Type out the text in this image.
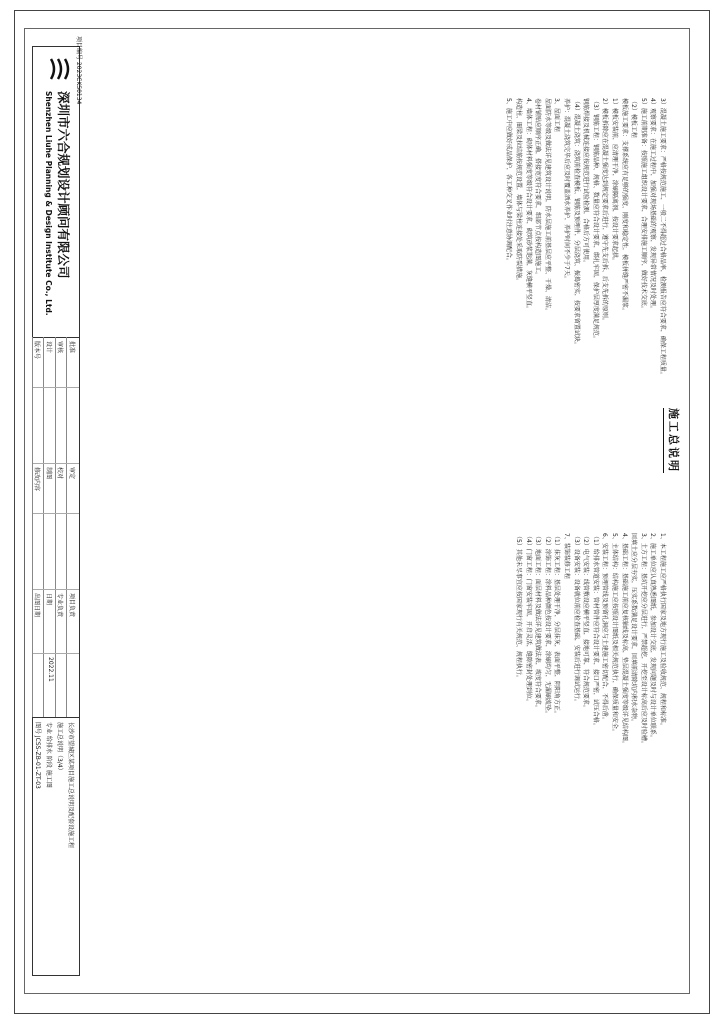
施工总说明

3）混凝土施工要求：严格按规范施工，一般二不得超过合格品率，检测报告应符合要求，确保工程质量。

4）观察要求：在施工过程中，加强对现场基础的观察，发现异常情况及时处理。

5）施工前期准备：按照施工组织设计要求，合理安排施工顺序，做好技术交底。

（2）模板工程

模板施工要求：支撑系统应有足够的强度、刚度和稳定性，模板拼缝严密不漏浆。

1）模板安装前，应清理干净，涂刷隔离剂，按设计要求起拱。

2）模板拆除应在混凝土强度达到规定要求后进行，遵守先支后拆、后支先拆的原则。

（3）钢筋工程：钢筋品种、规格、数量应符合设计要求，绑扎牢固，保护层厚度满足规范。

钢筋焊接及机械连接应按规范进行试验检测，合格后方可使用。

（4）混凝土浇筑：浇筑前检查模板、钢筋及预埋件，分层浇筑、振捣密实，按要求留置试块。

养护：混凝土浇筑完毕后应及时覆盖洒水养护，养护时间不少于7天。

3、屋面工程

屋面防水等级及做法详见建筑设计说明，防水层施工前基层应平整、干燥、清洁。

卷材铺贴应顺序正确，搭接宽度符合要求，细部节点按构造图施工。

4、墙体工程：砌体材料强度等级符合设计要求，砌筑砂浆饱满，灰缝横平竖直。

构造柱、圈梁及拉结筋按规范设置，墙体与梁柱连接处采取防裂措施。

5、施工中应做好成品保护，各工种交叉作业时注意协调配合。

1、本工程施工应严格执行国家及地方现行施工及验收规范、规程和标准。

2、施工单位应认真熟悉图纸，参加设计交底，发现问题及时与设计单位联系。

3、土方工程：基坑开挖应分层进行，严禁超挖，开挖至设计标高后应及时验槽。

回填土应分层夯实，压实系数满足设计要求，回填前清除坑内积水杂物。

4、基础工程：基础施工前应复核轴线及标高，垫层混凝土强度等级详见结构图。

5、主体结构：结构施工应按照设计图纸及相关规范执行，确保质量和安全。

6、安装工程：预埋管线及预留孔洞应与土建施工密切配合，不得后凿。

（1）给排水管道安装：管材管件应符合设计要求，接口严密，试压合格。

（2）电气安装：线管敷设应横平竖直，接地可靠，符合规范要求。

（3）设备安装：设备就位前应检查基础，安装后进行调试运行。

7、装饰装修工程

（1）抹灰工程：基层处理干净，分层抹灰，表面平整，阴阳角方正。

（2）涂饰工程：涂料品种颜色按设计要求，涂刷均匀，无漏刷流坠。

（3）地面工程：面层材料及做法详见建筑做法表，坡度符合要求。

（4）门窗工程：门窗安装牢固，开启灵活，缝隙密封处理到位。

（5）其他未尽事宜应按国家现行有关规范、规程执行。

深圳市六合规划设计顾问有限公司
Shenzhen Liuhe Planning & Design Institute Co., Ltd.
批准
审定
项目负责
审核
校对
专业负责
设计
制图
日期
2022.11
版本号
修改内容
出图日期
长沙市望城区某项目施工总说明及配套设施工程
施工总说明（3/4）
专业 给排水 阶段 施工图
图号 JCSS-ZB-01-ZT-03
项目编号 2023CKS0134
